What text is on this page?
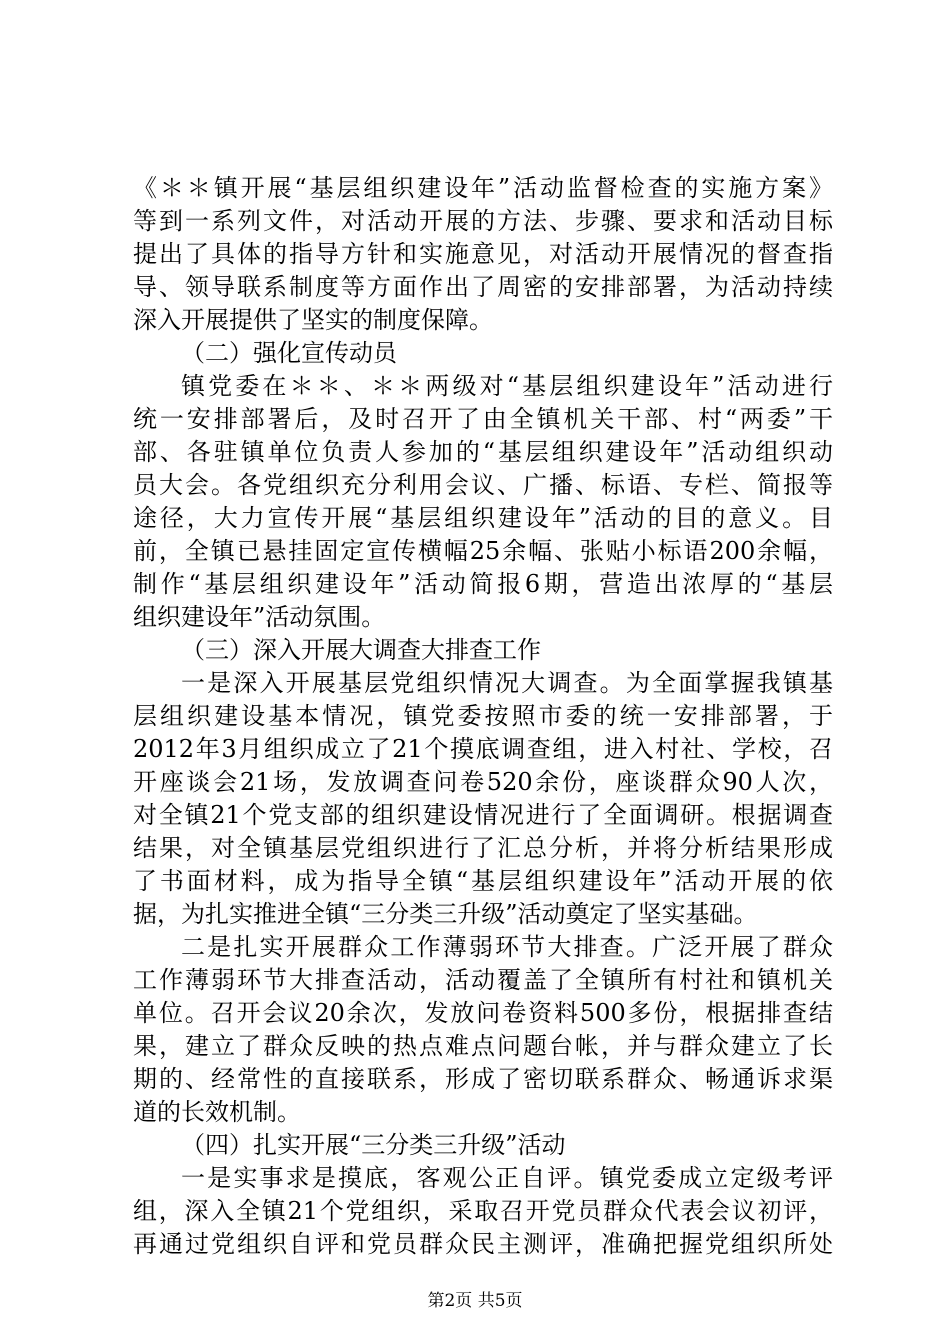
《＊＊镇开展“基层组织建设年”活动监督检查的实施方案》
等到一系列文件，对活动开展的方法、步骤、要求和活动目标
提出了具体的指导方针和实施意见，对活动开展情况的督查指
导、领导联系制度等方面作出了周密的安排部署，为活动持续
深入开展提供了坚实的制度保障。
（二）强化宣传动员
镇党委在＊＊、＊＊两级对“基层组织建设年”活动进行
统一安排部署后，及时召开了由全镇机关干部、村“两委”干
部、各驻镇单位负责人参加的“基层组织建设年”活动组织动
员大会。各党组织充分利用会议、广播、标语、专栏、简报等
途径，大力宣传开展“基层组织建设年”活动的目的意义。目
前，全镇已悬挂固定宣传横幅25余幅、张贴小标语200余幅，
制作“基层组织建设年”活动简报6期，营造出浓厚的“基层
组织建设年”活动氛围。
（三）深入开展大调查大排查工作
一是深入开展基层党组织情况大调查。为全面掌握我镇基
层组织建设基本情况，镇党委按照市委的统一安排部署，于
2012年3月组织成立了21个摸底调查组，进入村社、学校，召
开座谈会21场，发放调查问卷520余份，座谈群众90人次，
对全镇21个党支部的组织建设情况进行了全面调研。根据调查
结果，对全镇基层党组织进行了汇总分析，并将分析结果形成
了书面材料，成为指导全镇“基层组织建设年”活动开展的依
据，为扎实推进全镇“三分类三升级”活动奠定了坚实基础。
二是扎实开展群众工作薄弱环节大排查。广泛开展了群众
工作薄弱环节大排查活动，活动覆盖了全镇所有村社和镇机关
单位。召开会议20余次，发放问卷资料500多份，根据排查结
果，建立了群众反映的热点难点问题台帐，并与群众建立了长
期的、经常性的直接联系，形成了密切联系群众、畅通诉求渠
道的长效机制。
（四）扎实开展“三分类三升级”活动
一是实事求是摸底，客观公正自评。镇党委成立定级考评
组，深入全镇21个党组织，采取召开党员群众代表会议初评，
再通过党组织自评和党员群众民主测评，准确把握党组织所处
第2页 共5页
